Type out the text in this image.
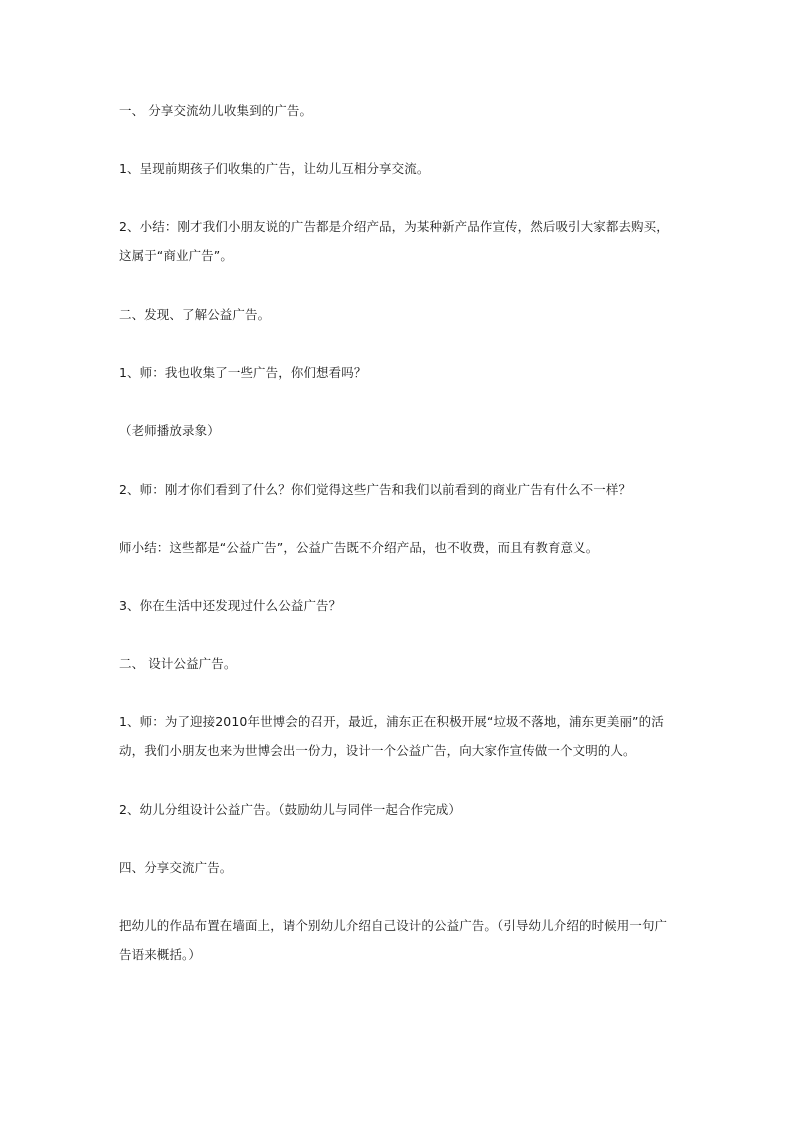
一、 分享交流幼儿收集到的广告。
1、呈现前期孩子们收集的广告，让幼儿互相分享交流。
2、小结：刚才我们小朋友说的广告都是介绍产品，为某种新产品作宣传，然后吸引大家都去购买，这属于“商业广告”。
二、发现、了解公益广告。
1、师：我也收集了一些广告，你们想看吗？
（老师播放录象）
2、师：刚才你们看到了什么？你们觉得这些广告和我们以前看到的商业广告有什么不一样？
师小结：这些都是“公益广告”，公益广告既不介绍产品，也不收费，而且有教育意义。
3、你在生活中还发现过什么公益广告？
二、 设计公益广告。
1、师：为了迎接2010年世博会的召开，最近，浦东正在积极开展“垃圾不落地，浦东更美丽”的活动，我们小朋友也来为世博会出一份力，设计一个公益广告，向大家作宣传做一个文明的人。
2、幼儿分组设计公益广告。（鼓励幼儿与同伴一起合作完成）
四、分享交流广告。
把幼儿的作品布置在墙面上，请个别幼儿介绍自己设计的公益广告。（引导幼儿介绍的时候用一句广告语来概括。）
